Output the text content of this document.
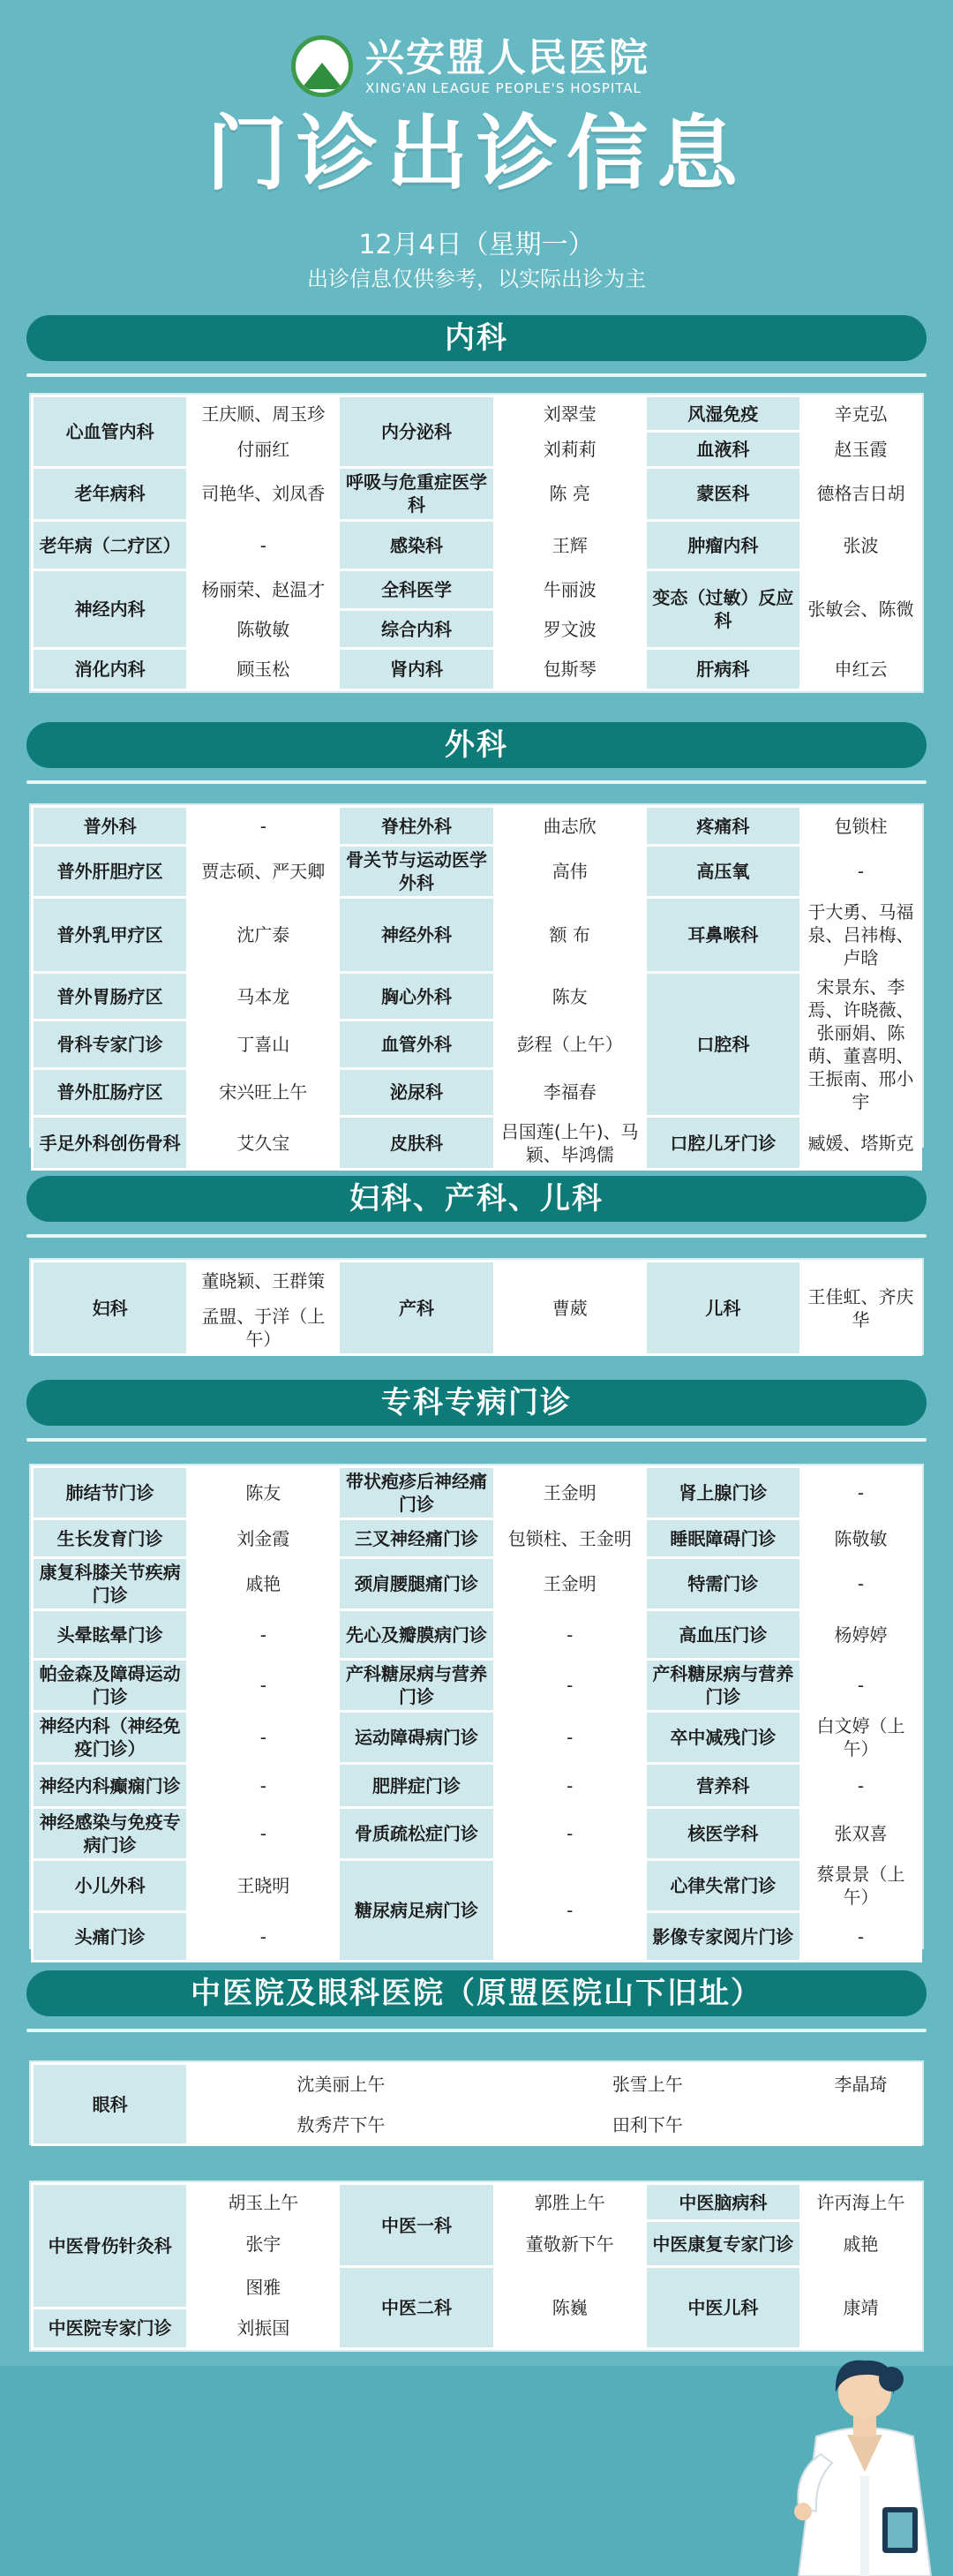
兴安盟人民医院
XING'AN LEAGUE PEOPLE'S HOSPITAL
门诊出诊信息
12月4日（星期一）
出诊信息仅供参考，以实际出诊为主
内科
心血管内科	王庆顺、周玉珍	内分泌科	刘翠莹	风湿免疫	辛克弘
	付丽红		刘莉莉	血液科	赵玉霞
老年病科	司艳华、刘凤香	呼吸与危重症医学科	陈 亮	蒙医科	德格吉日胡
老年病（二疗区）	-	感染科	王辉	肿瘤内科	张波
神经内科	杨丽荣、赵温才	全科医学	牛丽波	变态（过敏）反应科	张敏会、陈微
	陈敬敏	综合内科	罗文波		
消化内科	顾玉松	肾内科	包斯琴	肝病科	申红云
外科
普外科	-	脊柱外科	曲志欣	疼痛科	包锁柱
普外肝胆疗区	贾志硕、严天卿	骨关节与运动医学外科	高伟	高压氧	-
普外乳甲疗区	沈广泰	神经外科	额 布	耳鼻喉科	于大勇、马福泉、吕祎梅、卢晗
普外胃肠疗区	马本龙	胸心外科	陈友	口腔科	宋景东、李焉、许晓薇、张丽娟、陈萌、董喜明、王振南、邢小宇
骨科专家门诊	丁喜山	血管外科	彭程（上午）		
普外肛肠疗区	宋兴旺上午	泌尿科	李福春		
手足外科创伤骨科	艾久宝	皮肤科	吕国莲(上午)、马颖、毕鸿儒	口腔儿牙门诊	臧媛、塔斯克
妇科、产科、儿科
妇科	董晓颖、王群策	产科	曹葳	儿科	王佳虹、齐庆华
孟盟、于洋（上午）
专科专病门诊
肺结节门诊	陈友	带状疱疹后神经痛门诊	王金明	肾上腺门诊	-
生长发育门诊	刘金霞	三叉神经痛门诊	包锁柱、王金明	睡眠障碍门诊	陈敬敏
康复科膝关节疾病门诊	戚艳	颈肩腰腿痛门诊	王金明	特需门诊	-
头晕眩晕门诊	-	先心及瓣膜病门诊	-	高血压门诊	杨婷婷
帕金森及障碍运动门诊	-	产科糖尿病与营养门诊	-	产科糖尿病与营养门诊	-
神经内科（神经免疫门诊）	-	运动障碍病门诊	-	卒中减残门诊	白文婷（上午）
神经内科癫痫门诊	-	肥胖症门诊	-	营养科	-
神经感染与免疫专病门诊	-	骨质疏松症门诊	-	核医学科	张双喜
小儿外科	王晓明	糖尿病足病门诊	-	心律失常门诊	蔡景景（上午）
头痛门诊	-			影像专家阅片门诊	-
中医院及眼科医院（原盟医院山下旧址）
眼科	沈美丽上午	张雪上午	李晶琦
	敖秀芹下午	田利下午	
中医骨伤针灸科	胡玉上午	中医一科	郭胜上午	中医脑病科	许丙海上午
	张宇		董敬新下午	中医康复专家门诊	戚艳
	图雅	中医二科	陈巍	中医儿科	康靖
中医院专家门诊	刘振国				
